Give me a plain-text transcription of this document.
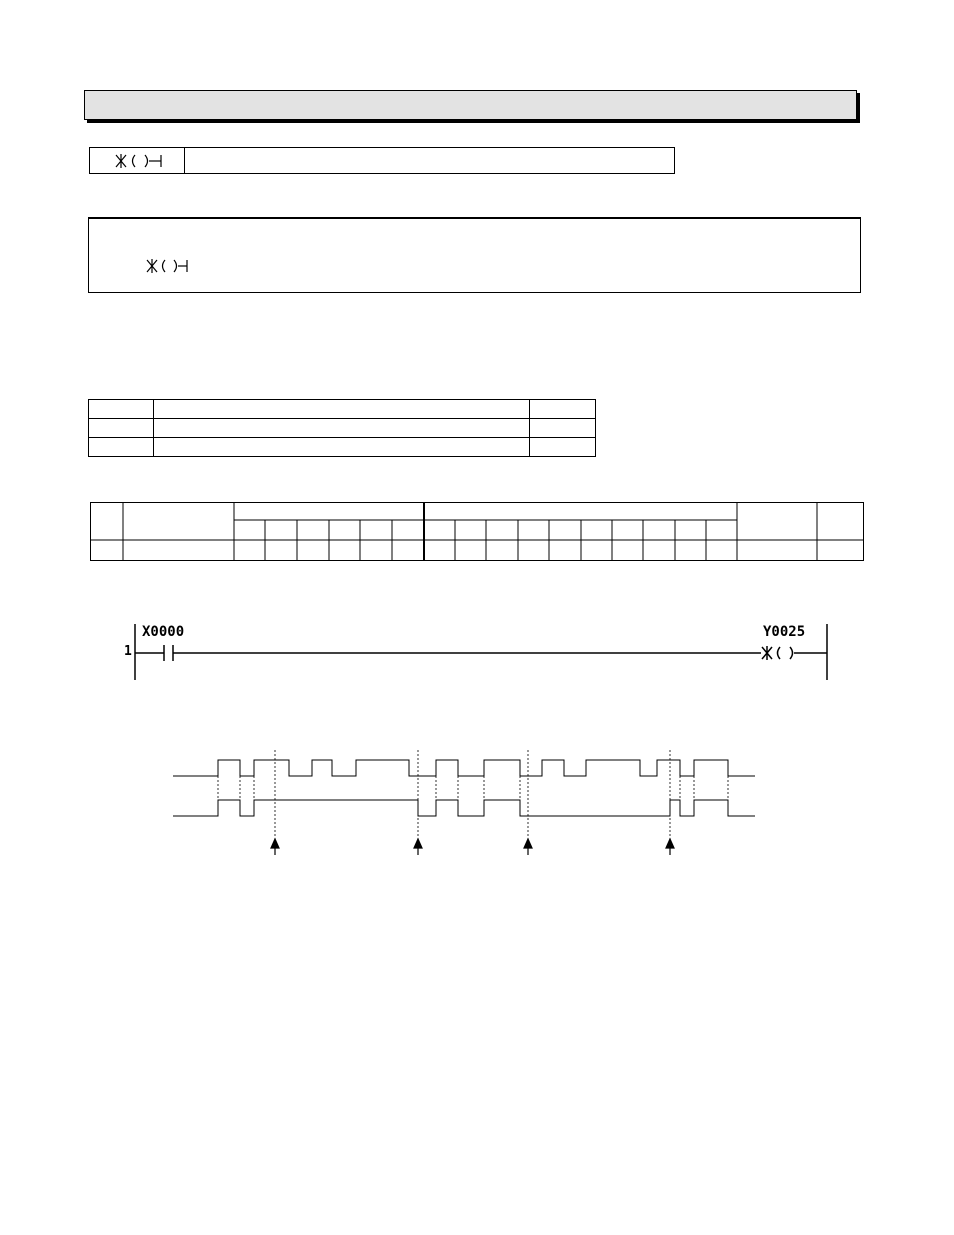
1
X0000	Y0025
